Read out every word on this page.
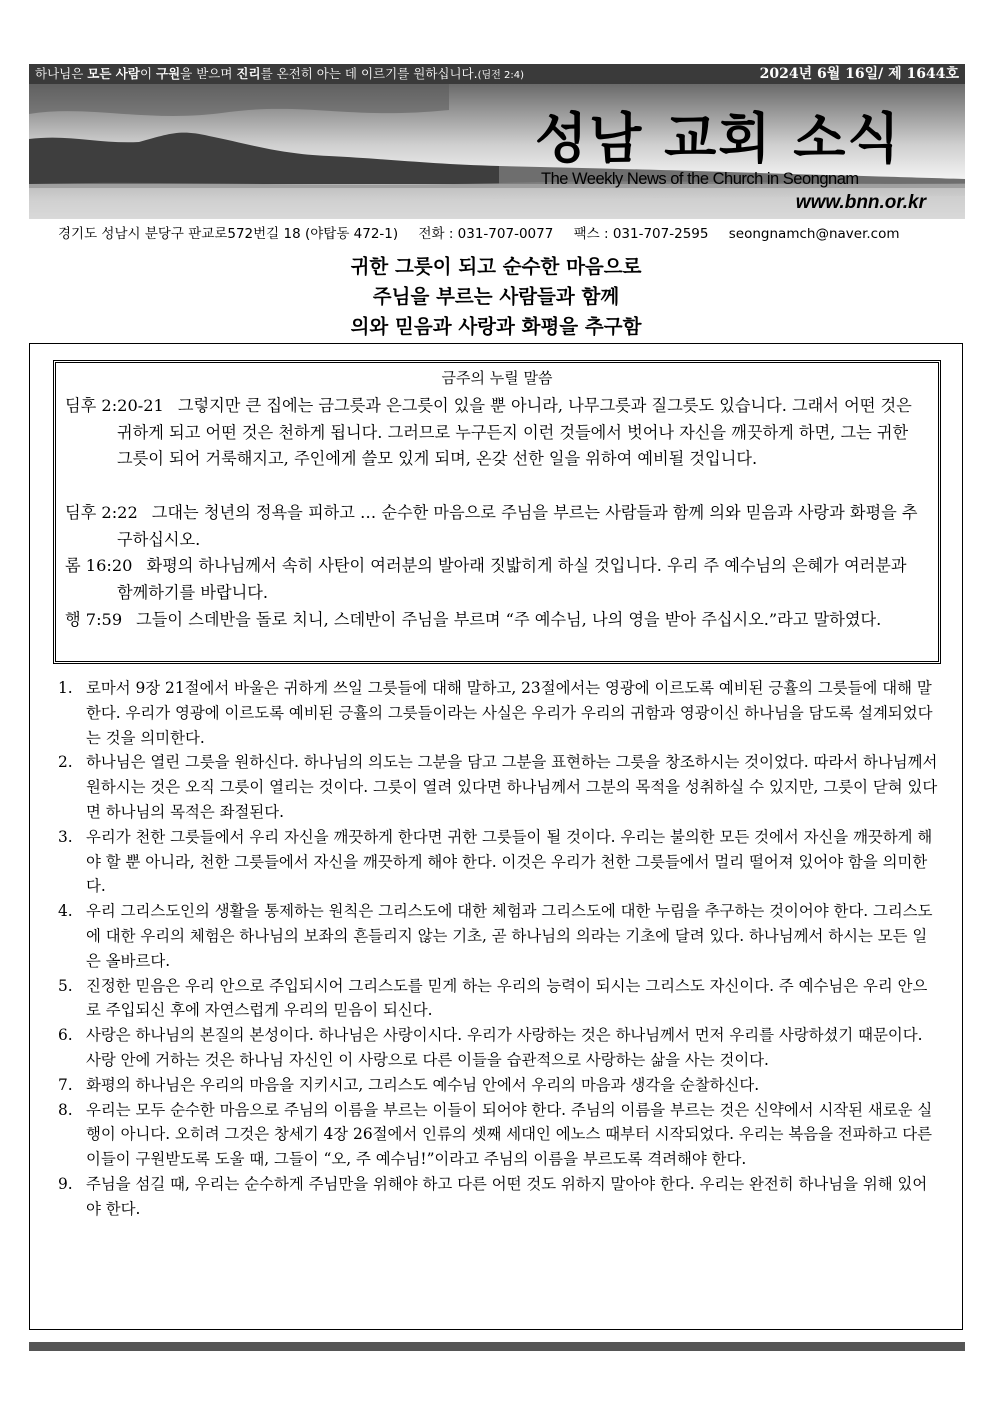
하나님은 모든 사람이 구원을 받으며 진리를 온전히 아는 데 이르기를 원하십니다.(딤전 2:4)	2024년 6월 16일/ 제 1644호
성남 교회 소식
The Weekly News of the Church in Seongnam
www.bnn.or.kr
경기도 성남시 분당구 판교로572번길 18 (야탑동 472-1) 전화 : 031-707-0077 팩스 : 031-707-2595 seongnamch@naver.com
귀한 그릇이 되고 순수한 마음으로
주님을 부르는 사람들과 함께
의와 믿음과 사랑과 화평을 추구함
금주의 누릴 말씀
딤후 2:20-21 그렇지만 큰 집에는 금그릇과 은그릇이 있을 뿐 아니라, 나무그릇과 질그릇도 있습니다. 그래서 어떤 것은 귀하게 되고 어떤 것은 천하게 됩니다. 그러므로 누구든지 이런 것들에서 벗어나 자신을 깨끗하게 하면, 그는 귀한 그릇이 되어 거룩해지고, 주인에게 쓸모 있게 되며, 온갖 선한 일을 위하여 예비될 것입니다.
딤후 2:22 그대는 청년의 정욕을 피하고 … 순수한 마음으로 주님을 부르는 사람들과 함께 의와 믿음과 사랑과 화평을 추구하십시오.
롬 16:20 화평의 하나님께서 속히 사탄이 여러분의 발아래 짓밟히게 하실 것입니다. 우리 주 예수님의 은혜가 여러분과 함께하기를 바랍니다.
행 7:59 그들이 스데반을 돌로 치니, 스데반이 주님을 부르며 “주 예수님, 나의 영을 받아 주십시오.”라고 말하였다.
1. 로마서 9장 21절에서 바울은 귀하게 쓰일 그릇들에 대해 말하고, 23절에서는 영광에 이르도록 예비된 긍휼의 그릇들에 대해 말한다. 우리가 영광에 이르도록 예비된 긍휼의 그릇들이라는 사실은 우리가 우리의 귀함과 영광이신 하나님을 담도록 설계되었다는 것을 의미한다.
2. 하나님은 열린 그릇을 원하신다. 하나님의 의도는 그분을 담고 그분을 표현하는 그릇을 창조하시는 것이었다. 따라서 하나님께서 원하시는 것은 오직 그릇이 열리는 것이다. 그릇이 열려 있다면 하나님께서 그분의 목적을 성취하실 수 있지만, 그릇이 닫혀 있다면 하나님의 목적은 좌절된다.
3. 우리가 천한 그릇들에서 우리 자신을 깨끗하게 한다면 귀한 그릇들이 될 것이다. 우리는 불의한 모든 것에서 자신을 깨끗하게 해야 할 뿐 아니라, 천한 그릇들에서 자신을 깨끗하게 해야 한다. 이것은 우리가 천한 그릇들에서 멀리 떨어져 있어야 함을 의미한다.
4. 우리 그리스도인의 생활을 통제하는 원칙은 그리스도에 대한 체험과 그리스도에 대한 누림을 추구하는 것이어야 한다. 그리스도에 대한 우리의 체험은 하나님의 보좌의 흔들리지 않는 기초, 곧 하나님의 의라는 기초에 달려 있다. 하나님께서 하시는 모든 일은 올바르다.
5. 진정한 믿음은 우리 안으로 주입되시어 그리스도를 믿게 하는 우리의 능력이 되시는 그리스도 자신이다. 주 예수님은 우리 안으로 주입되신 후에 자연스럽게 우리의 믿음이 되신다.
6. 사랑은 하나님의 본질의 본성이다. 하나님은 사랑이시다. 우리가 사랑하는 것은 하나님께서 먼저 우리를 사랑하셨기 때문이다. 사랑 안에 거하는 것은 하나님 자신인 이 사랑으로 다른 이들을 습관적으로 사랑하는 삶을 사는 것이다.
7. 화평의 하나님은 우리의 마음을 지키시고, 그리스도 예수님 안에서 우리의 마음과 생각을 순찰하신다.
8. 우리는 모두 순수한 마음으로 주님의 이름을 부르는 이들이 되어야 한다. 주님의 이름을 부르는 것은 신약에서 시작된 새로운 실행이 아니다. 오히려 그것은 창세기 4장 26절에서 인류의 셋째 세대인 에노스 때부터 시작되었다. 우리는 복음을 전파하고 다른 이들이 구원받도록 도울 때, 그들이 “오, 주 예수님!”이라고 주님의 이름을 부르도록 격려해야 한다.
9. 주님을 섬길 때, 우리는 순수하게 주님만을 위해야 하고 다른 어떤 것도 위하지 말아야 한다. 우리는 완전히 하나님을 위해 있어야 한다.
